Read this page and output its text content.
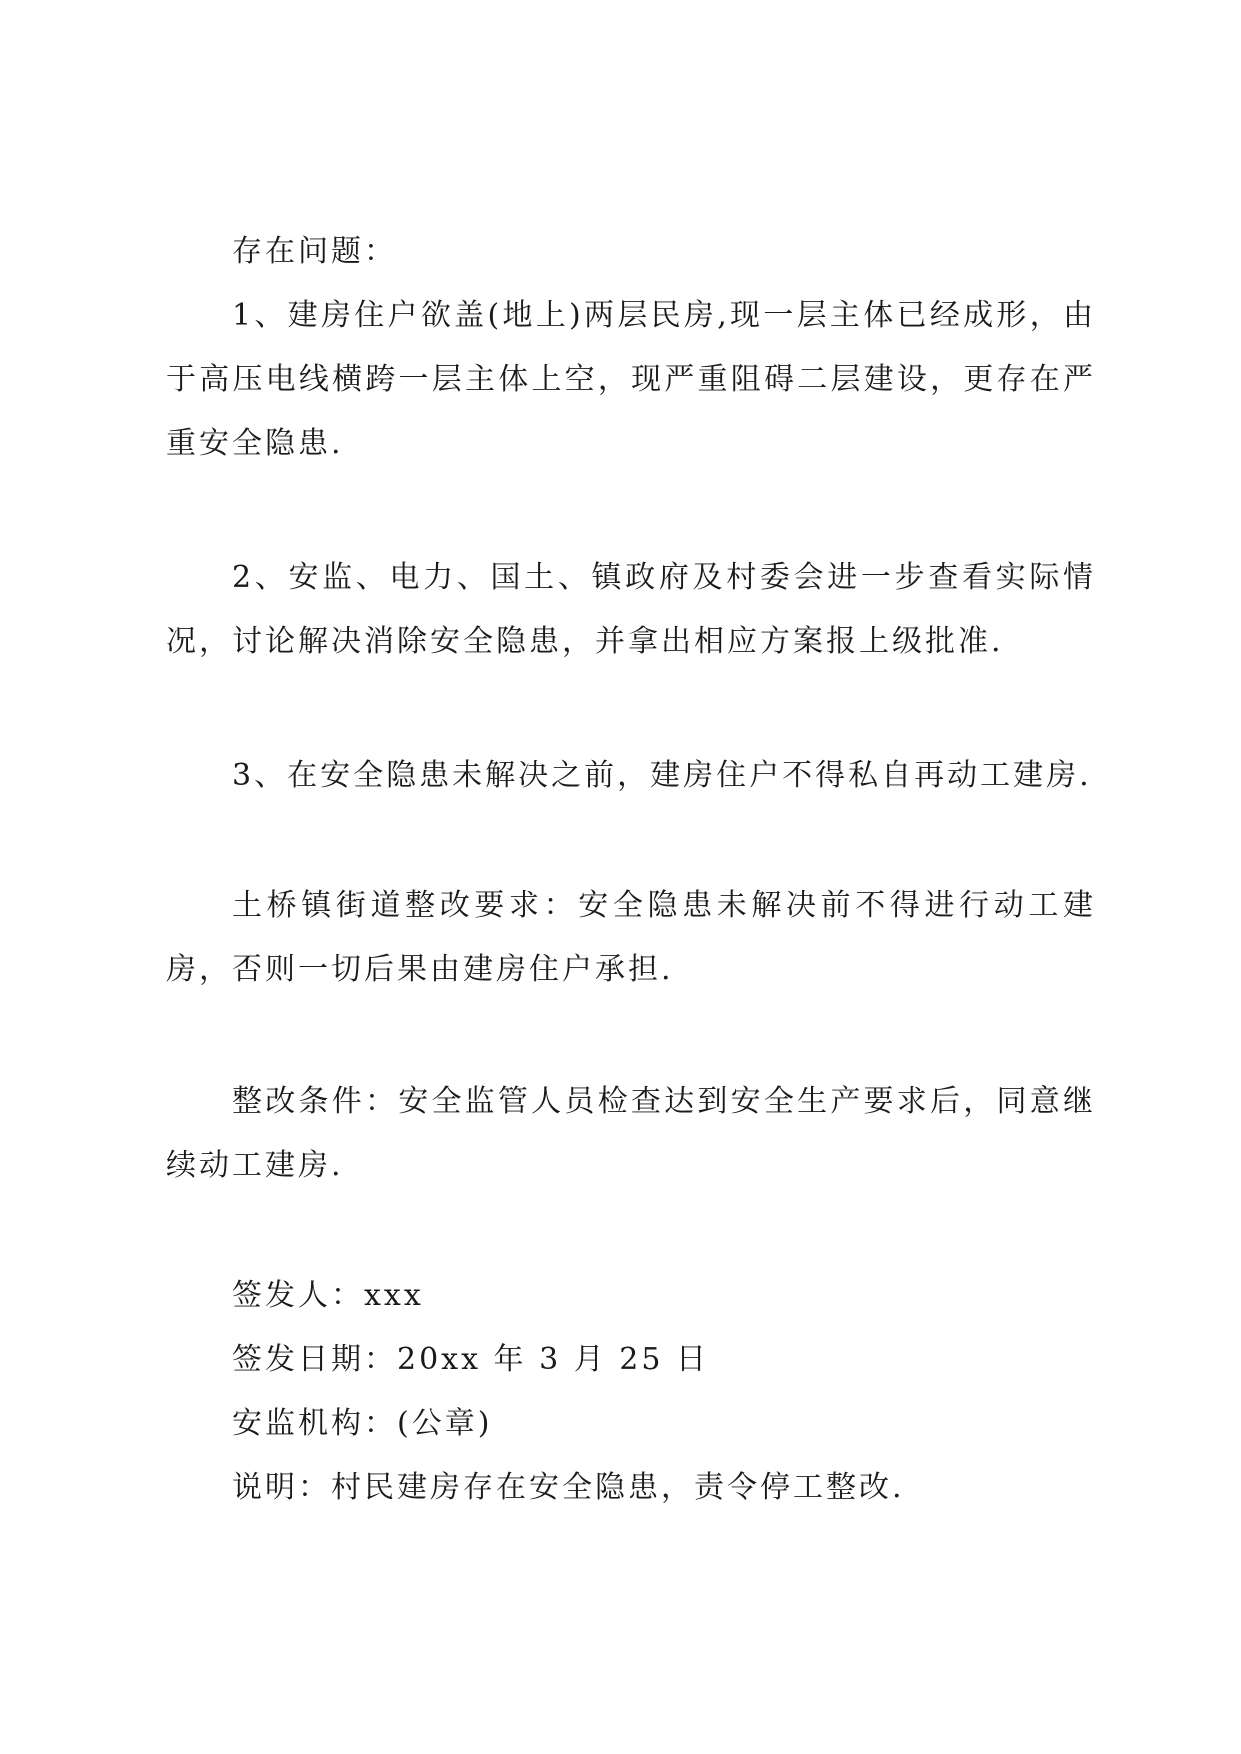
存在问题：

1、建房住户欲盖(地上)两层民房,现一层主体已经成形，由于高压电线横跨一层主体上空，现严重阻碍二层建设，更存在严重安全隐患.

2、安监、电力、国土、镇政府及村委会进一步查看实际情况，讨论解决消除安全隐患，并拿出相应方案报上级批准.

3、在安全隐患未解决之前，建房住户不得私自再动工建房.

土桥镇街道整改要求：安全隐患未解决前不得进行动工建房，否则一切后果由建房住户承担.

整改条件：安全监管人员检查达到安全生产要求后，同意继续动工建房.

签发人：xxx

签发日期：20xx 年 3 月 25 日

安监机构：(公章)

说明：村民建房存在安全隐患，责令停工整改.
